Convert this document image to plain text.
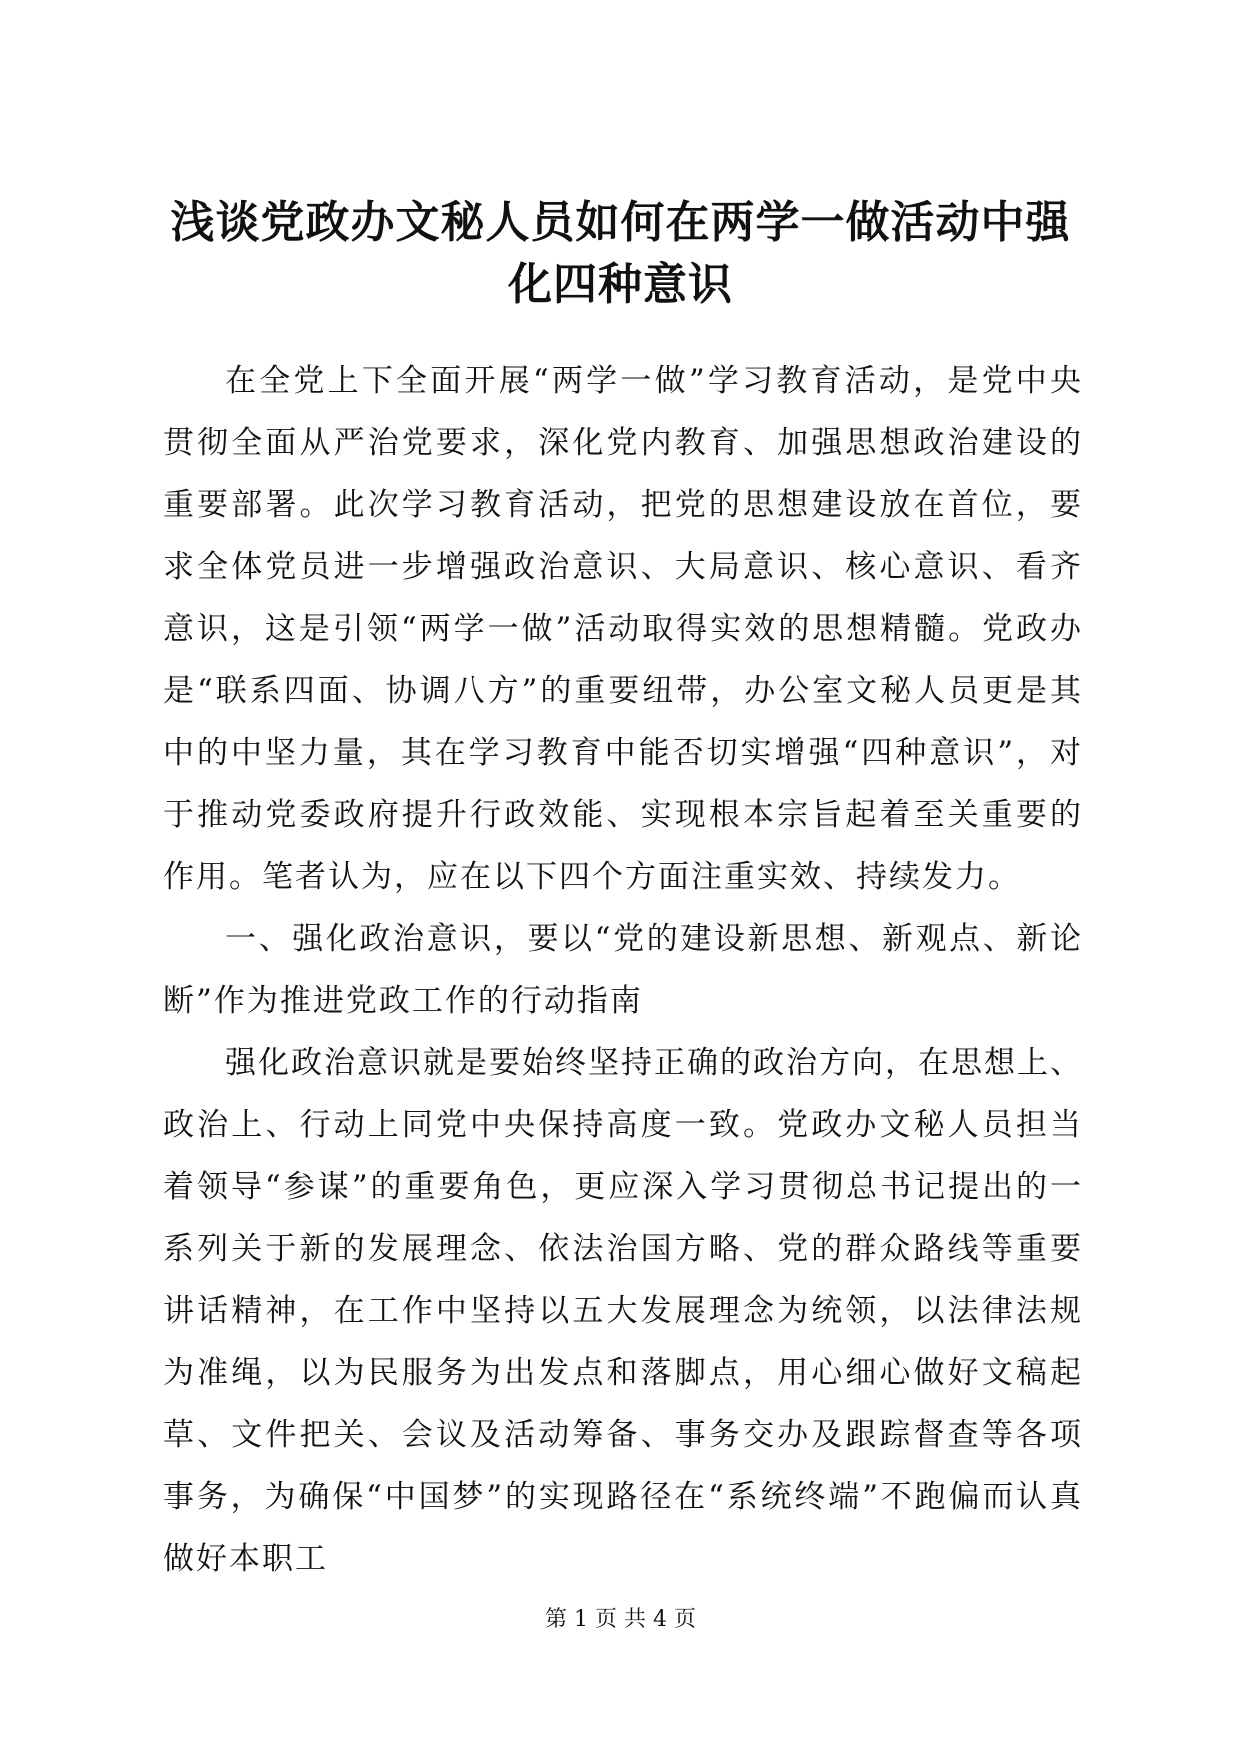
浅谈党政办文秘人员如何在两学一做活动中强
化四种意识

在全党上下全面开展“两学一做”学习教育活动，是党中央贯彻全面从严治党要求，深化党内教育、加强思想政治建设的重要部署。此次学习教育活动，把党的思想建设放在首位，要求全体党员进一步增强政治意识、大局意识、核心意识、看齐意识，这是引领“两学一做”活动取得实效的思想精髓。党政办是“联系四面、协调八方”的重要纽带，办公室文秘人员更是其中的中坚力量，其在学习教育中能否切实增强“四种意识”，对于推动党委政府提升行政效能、实现根本宗旨起着至关重要的作用。笔者认为，应在以下四个方面注重实效、持续发力。

一、强化政治意识，要以“党的建设新思想、新观点、新论断”作为推进党政工作的行动指南

强化政治意识就是要始终坚持正确的政治方向，在思想上、政治上、行动上同党中央保持高度一致。党政办文秘人员担当着领导“参谋”的重要角色，更应深入学习贯彻总书记提出的一系列关于新的发展理念、依法治国方略、党的群众路线等重要讲话精神，在工作中坚持以五大发展理念为统领，以法律法规为准绳，以为民服务为出发点和落脚点，用心细心做好文稿起草、文件把关、会议及活动筹备、事务交办及跟踪督查等各项事务，为确保“中国梦”的实现路径在“系统终端”不跑偏而认真做好本职工

第 1 页 共 4 页
